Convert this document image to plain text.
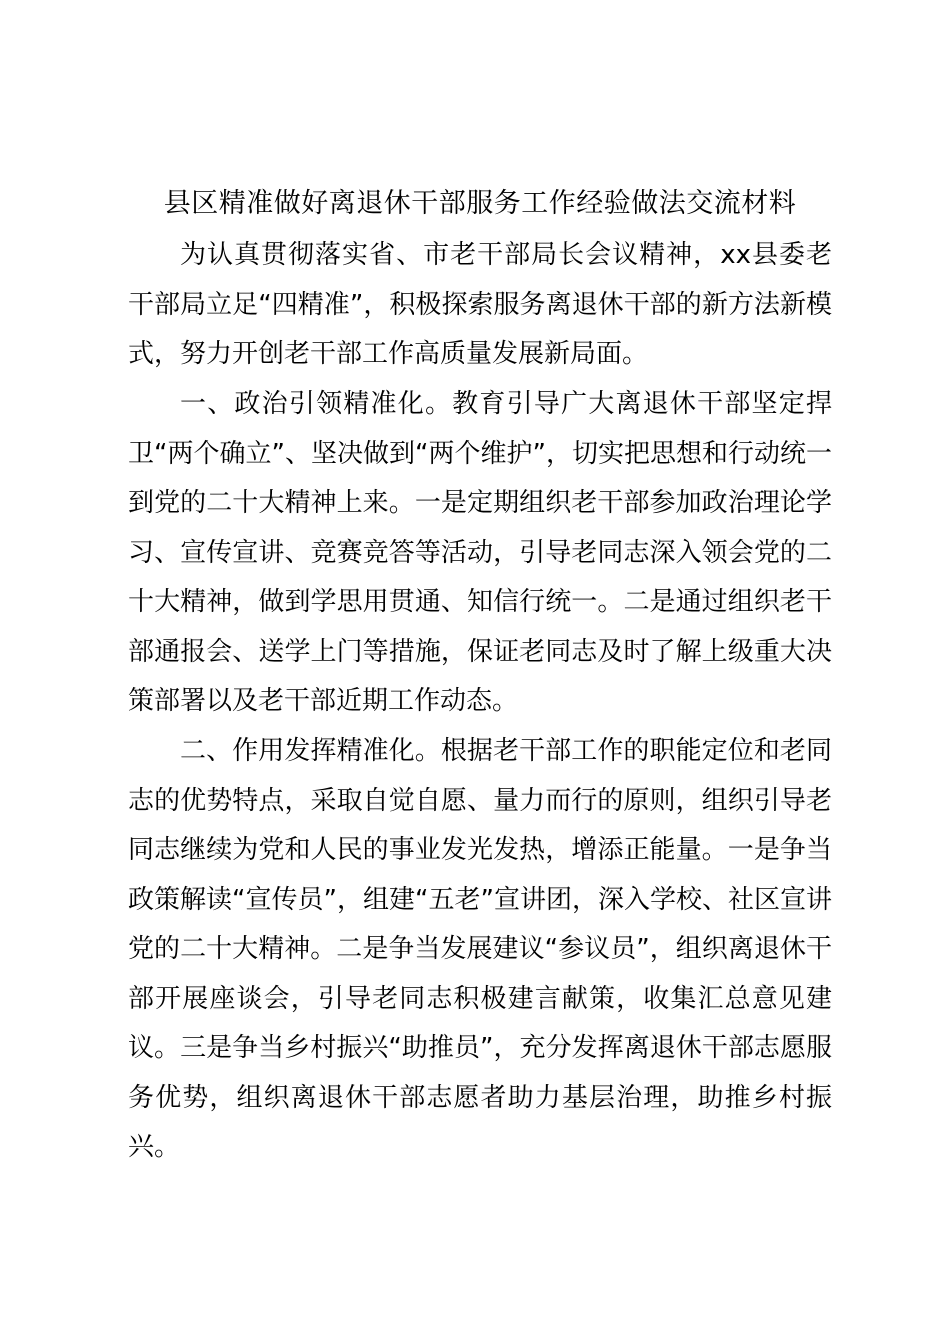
县区精准做好离退休干部服务工作经验做法交流材料

为认真贯彻落实省、市老干部局长会议精神，xx县委老干部局立足“四精准”，积极探索服务离退休干部的新方法新模式，努力开创老干部工作高质量发展新局面。

一、政治引领精准化。教育引导广大离退休干部坚定捍卫“两个确立”、坚决做到“两个维护”，切实把思想和行动统一到党的二十大精神上来。一是定期组织老干部参加政治理论学习、宣传宣讲、竞赛竞答等活动，引导老同志深入领会党的二十大精神，做到学思用贯通、知信行统一。二是通过组织老干部通报会、送学上门等措施，保证老同志及时了解上级重大决策部署以及老干部近期工作动态。

二、作用发挥精准化。根据老干部工作的职能定位和老同志的优势特点，采取自觉自愿、量力而行的原则，组织引导老同志继续为党和人民的事业发光发热，增添正能量。一是争当政策解读“宣传员”，组建“五老”宣讲团，深入学校、社区宣讲党的二十大精神。二是争当发展建议“参议员”，组织离退休干部开展座谈会，引导老同志积极建言献策，收集汇总意见建议。三是争当乡村振兴“助推员”，充分发挥离退休干部志愿服务优势，组织离退休干部志愿者助力基层治理，助推乡村振兴。
